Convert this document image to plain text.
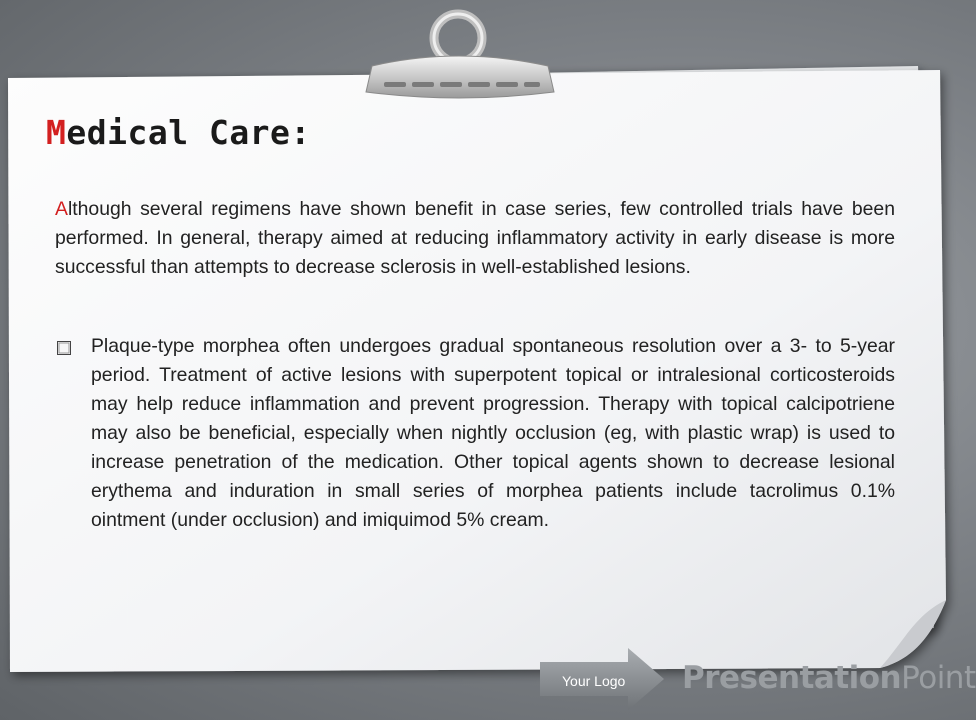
Medical Care:

Although several regimens have shown benefit in case series, few controlled trials have been performed. In general, therapy aimed at reducing inflammatory activity in early disease is more successful than attempts to decrease sclerosis in well-established lesions.

Plaque-type morphea often undergoes gradual spontaneous resolution over a 3- to 5-year period. Treatment of active lesions with superpotent topical or intralesional corticosteroids may help reduce inflammation and prevent progression. Therapy with topical calcipotriene may also be beneficial, especially when nightly occlusion (eg, with plastic wrap) is used to increase penetration of the medication. Other topical agents shown to decrease lesional erythema and induration in small series of morphea patients include tacrolimus 0.1% ointment (under occlusion) and imiquimod 5% cream.

Your Logo PresentationPoint
